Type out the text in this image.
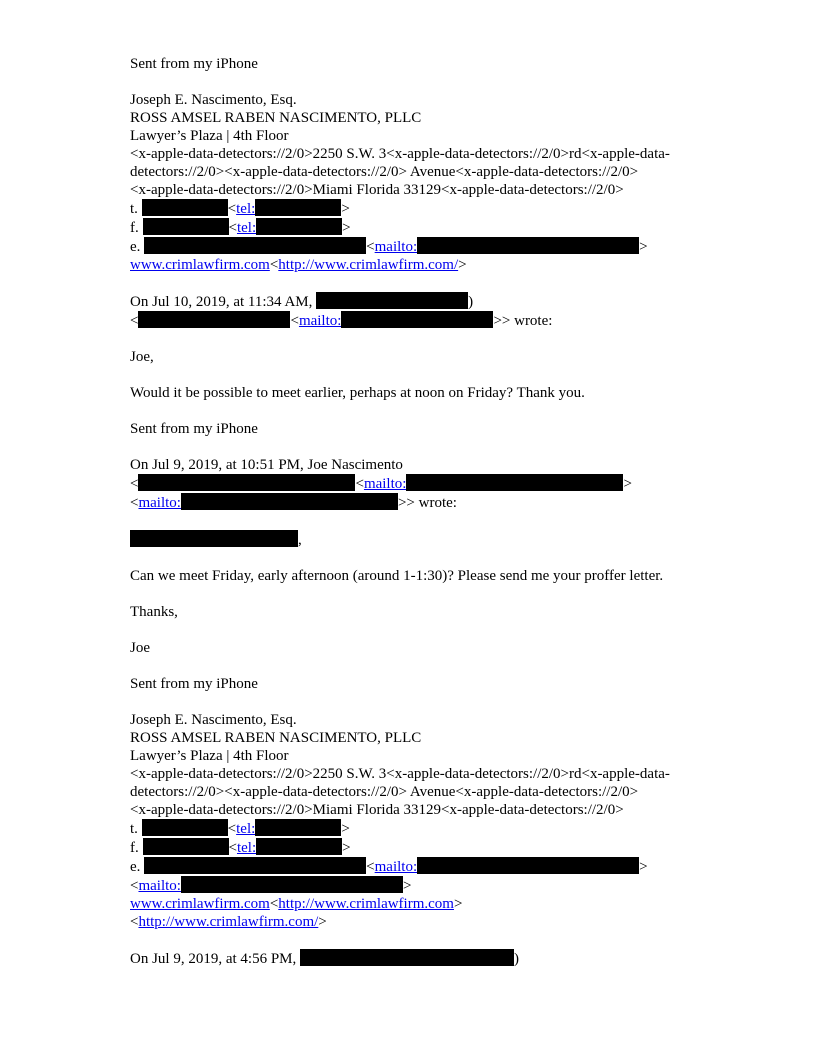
Sent from my iPhone
Joseph E. Nascimento, Esq.
ROSS AMSEL RABEN NASCIMENTO, PLLC
Lawyer’s Plaza | 4th Floor
<x-apple-data-detectors://2/0>2250 S.W. 3<x-apple-data-detectors://2/0>rd<x-apple-data-detectors://2/0><x-apple-data-detectors://2/0> Avenue<x-apple-data-detectors://2/0>
<x-apple-data-detectors://2/0>Miami Florida 33129<x-apple-data-detectors://2/0>
t.	<tel:	>
f.	<tel:	>
e.	<mailto:	>
www.crimlawfirm.com<http://www.crimlawfirm.com/>
On Jul 10, 2019, at 11:34 AM,	)
<	<mailto:	>> wrote:
Joe,
Would it be possible to meet earlier, perhaps at noon on Friday? Thank you.
Sent from my iPhone
On Jul 9, 2019, at 10:51 PM, Joe Nascimento
<	<mailto:	>
<mailto:	>> wrote:
,
Can we meet Friday, early afternoon (around 1-1:30)? Please send me your proffer letter.
Thanks,
Joe
Sent from my iPhone
Joseph E. Nascimento, Esq.
ROSS AMSEL RABEN NASCIMENTO, PLLC
Lawyer’s Plaza | 4th Floor
<x-apple-data-detectors://2/0>2250 S.W. 3<x-apple-data-detectors://2/0>rd<x-apple-data-detectors://2/0><x-apple-data-detectors://2/0> Avenue<x-apple-data-detectors://2/0>
<x-apple-data-detectors://2/0>Miami Florida 33129<x-apple-data-detectors://2/0>
t.	<tel:	>
f.	<tel:	>
e.	<mailto:	>
<mailto:	>
www.crimlawfirm.com<http://www.crimlawfirm.com>
<http://www.crimlawfirm.com/>
On Jul 9, 2019, at 4:56 PM,	)
